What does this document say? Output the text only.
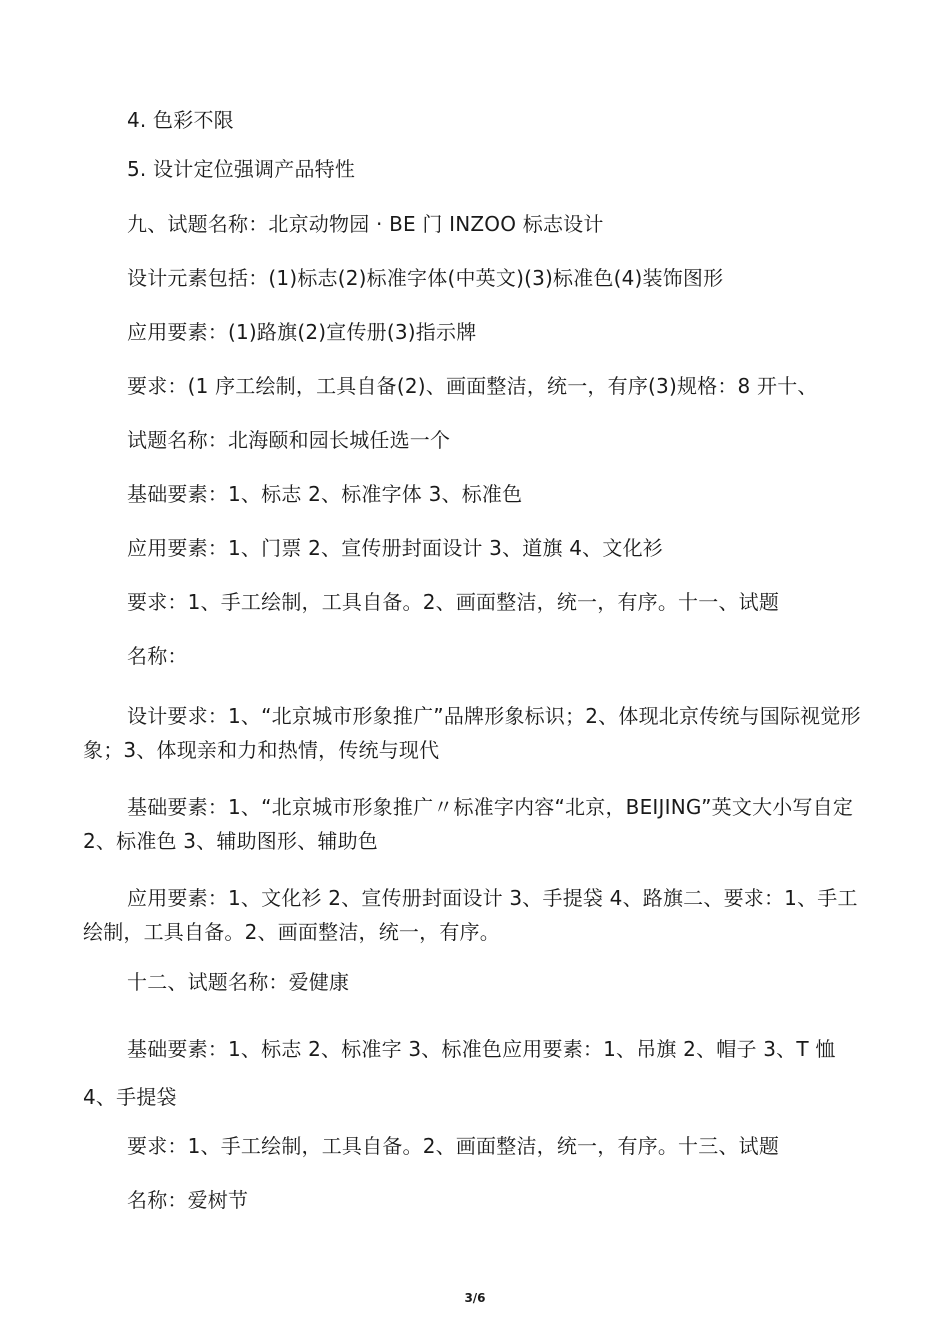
4. 色彩不限
5. 设计定位强调产品特性
九、试题名称：北京动物园 · BE 门 INZOO 标志设计
设计元素包括：(1)标志(2)标准字体(中英文)(3)标准色(4)装饰图形
应用要素：(1)路旗(2)宣传册(3)指示牌
要求：(1 序工绘制，工具自备(2)、画面整洁，统一，有序(3)规格：8 开十、
试题名称：北海颐和园长城任选一个
基础要素：1、标志 2、标准字体 3、标准色
应用要素：1、门票 2、宣传册封面设计 3、道旗 4、文化衫
要求：1、手工绘制，工具自备。2、画面整洁，统一，有序。十一、试题
名称：
设计要求：1、“北京城市形象推广”品牌形象标识；2、体现北京传统与国际视觉形象；3、体现亲和力和热情，传统与现代
基础要素：1、“北京城市形象推广〃标准字内容“北京，BEIJING”英文大小写自定 2、标准色 3、辅助图形、辅助色
应用要素：1、文化衫 2、宣传册封面设计 3、手提袋 4、路旗二、要求：1、手工绘制，工具自备。2、画面整洁，统一，有序。
十二、试题名称：爱健康
基础要素：1、标志 2、标准字 3、标准色应用要素：1、吊旗 2、帽子 3、T 恤 4、手提袋
要求：1、手工绘制，工具自备。2、画面整洁，统一，有序。十三、试题
名称：爱树节
3/6
